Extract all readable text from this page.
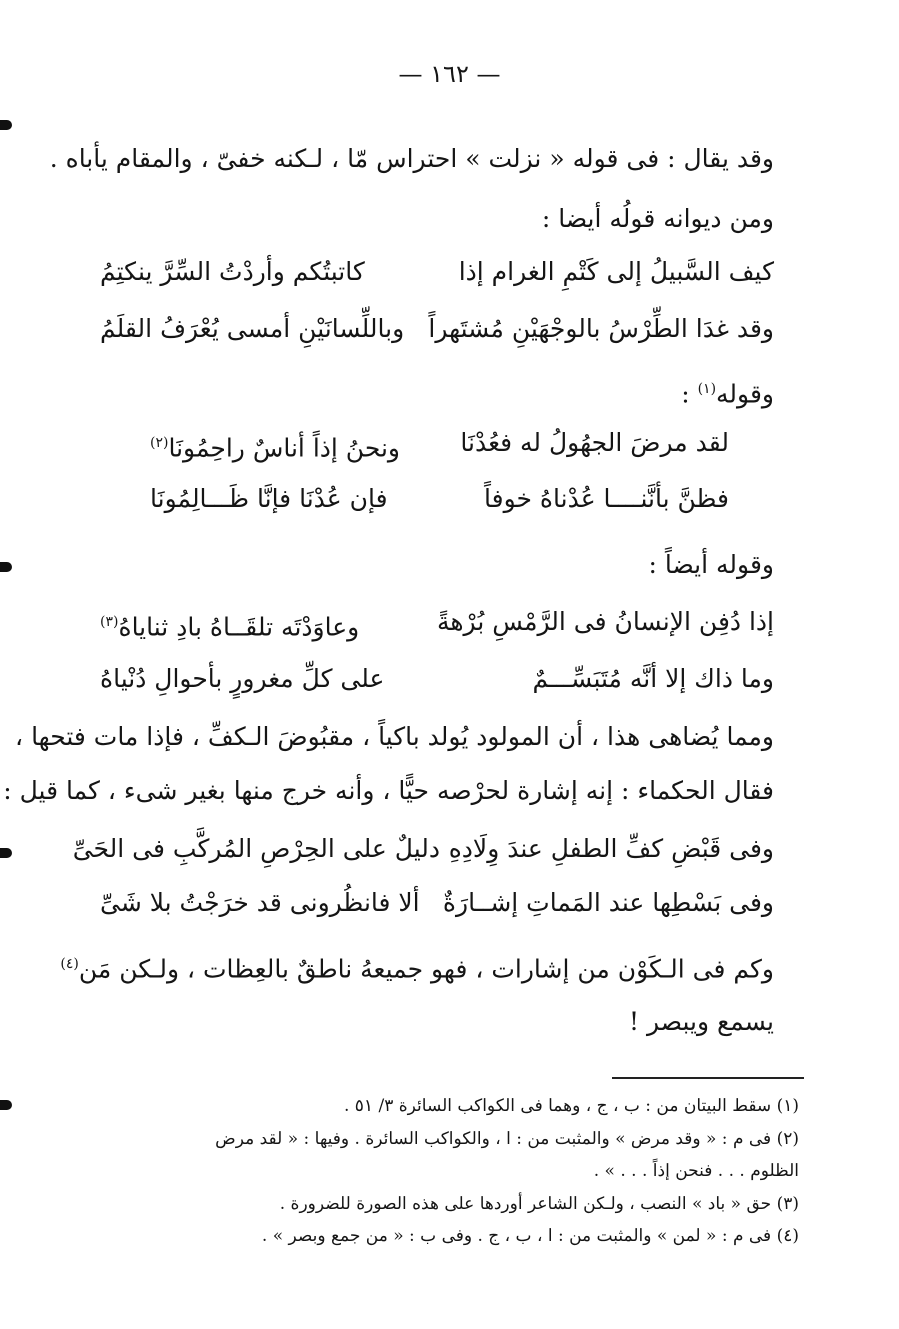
— ١٦٢ —
وقد يقال : فى قوله « نزلت » احتراس مّا ، لـكنه خفىّ ، والمقام يأباه .
ومن ديوانه قولُه أيضا :
كيف السَّبيلُ إلى كَتْمِ الغرام إذا
كاتبتُكم وأردْتُ السِّرَّ ينكتِمُ
وقد غدَا الطِّرْسُ بالوجْهَيْنِ مُشتَهراً
وباللِّسانَيْنِ أمسى يُعْرَفُ القلَمُ
وقوله$^{(١)}$ :
لقد مرضَ الجهُولُ له فعُدْنَا
ونحنُ إذاً أناسٌ راحِمُونَا$^{(٢)}$
فظنَّ بأنَّنــــا عُدْناهُ خوفاً
فإن عُدْنَا فإنَّا ظَـــالِمُونَا
وقوله أيضاً :
إذا دُفِن الإنسانُ فى الرَّمْسِ بُرْهةً
وعاوَدْتَه تلقَــاهُ بادِ ثناياهُ$^{(٣)}$
وما ذاك إلا أنَّه مُتَبَسِّـــمٌ
على كلِّ مغرورٍ بأحوالِ دُنْياهُ
ومما يُضاهى هذا ، أن المولود يُولد باكياً ، مقبُوضَ الـكفِّ ، فإذا مات فتحها ،
فقال الحكماء : إنه إشارة لحرْصه حيًّا ، وأنه خرج منها بغير شىء ، كما قيل :
وفى قَبْضِ كفِّ الطفلِ عندَ وِلَادِهِ
دليلٌ على الحِرْصِ المُركَّبِ فى الحَىِّ
وفى بَسْطِها عند المَماتِ إشــارَةٌ
ألا فانظُرونى قد خرَجْتُ بلا شَىِّ
وكم فى الـكَوْن من إشارات ، فهو جميعهُ ناطقٌ بالعِظات ، ولـكن مَن$^{(٤)}$
يسمع ويبصر !
(١) سقط البيتان من : ب ، ج ، وهما فى الكواكب السائرة ٣/ ٥١ .
(٢) فى م : « وقد مرض » والمثبت من : ا ، والكواكب السائرة . وفيها : « لقد مرض
الظلوم . . . فنحن إذاً . . . » .
(٣) حق « باد » النصب ، ولـكن الشاعر أوردها على هذه الصورة للضرورة .
(٤) فى م : « لمن » والمثبت من : ا ، ب ، ج . وفى ب : « من جمع وبصر » .
